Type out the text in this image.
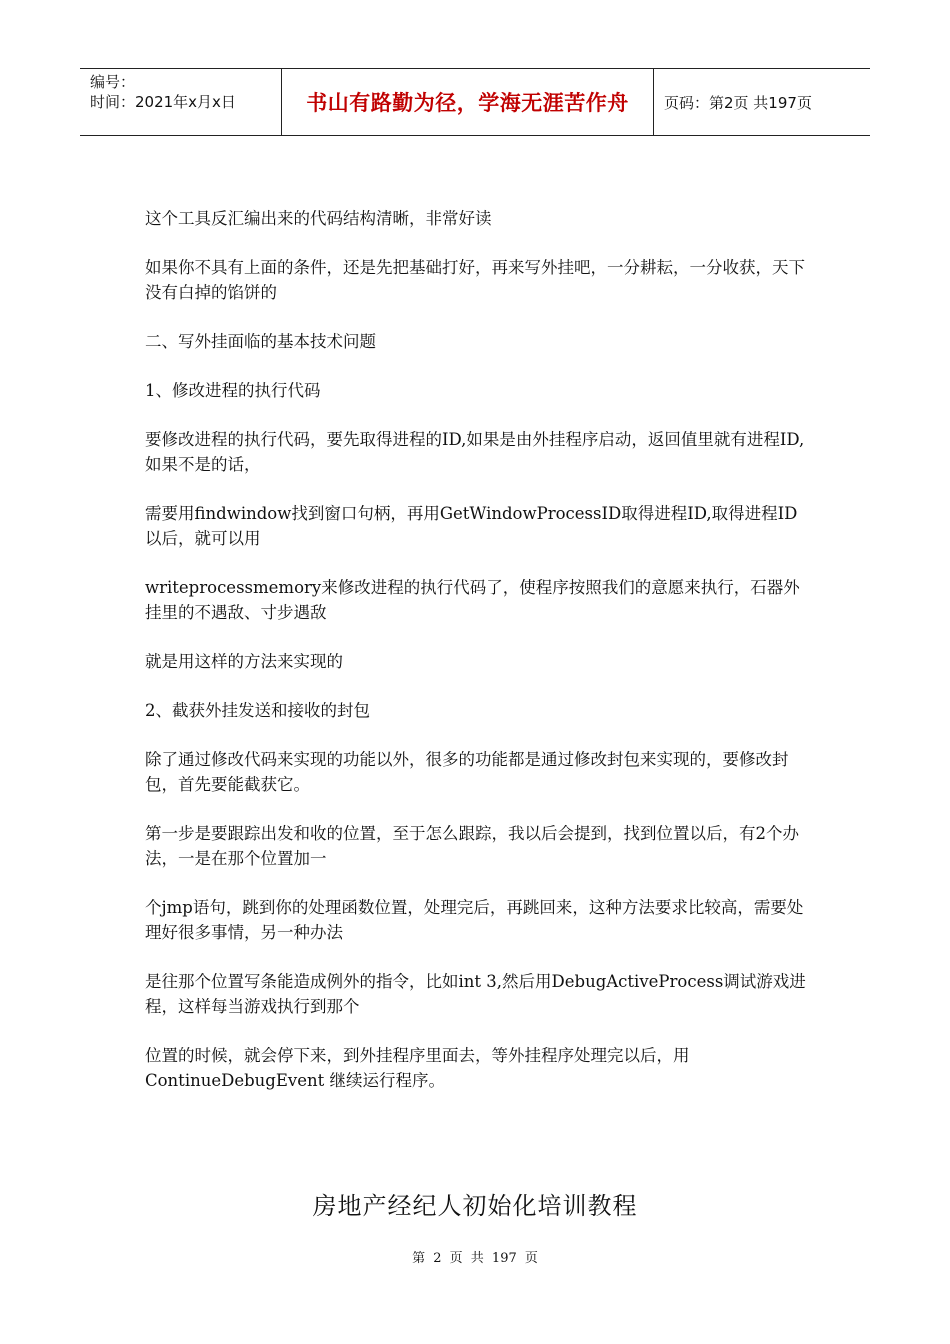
编号：
时间：2021年x月x日	书山有路勤为径，学海无涯苦作舟	页码：第2页 共197页

这个工具反汇编出来的代码结构清晰，非常好读

如果你不具有上面的条件，还是先把基础打好，再来写外挂吧，一分耕耘，一分收获，天下没有白掉的馅饼的

二、写外挂面临的基本技术问题

1、修改进程的执行代码

要修改进程的执行代码，要先取得进程的ID,如果是由外挂程序启动，返回值里就有进程ID,如果不是的话，

需要用findwindow找到窗口句柄，再用GetWindowProcessID取得进程ID,取得进程ID以后，就可以用

writeprocessmemory来修改进程的执行代码了，使程序按照我们的意愿来执行，石器外挂里的不遇敌、寸步遇敌

就是用这样的方法来实现的

2、截获外挂发送和接收的封包

除了通过修改代码来实现的功能以外，很多的功能都是通过修改封包来实现的，要修改封包，首先要能截获它。

第一步是要跟踪出发和收的位置，至于怎么跟踪，我以后会提到，找到位置以后，有2个办法，一是在那个位置加一

个jmp语句，跳到你的处理函数位置，处理完后，再跳回来，这种方法要求比较高，需要处理好很多事情，另一种办法

是往那个位置写条能造成例外的指令，比如int 3,然后用DebugActiveProcess调试游戏进程，这样每当游戏执行到那个

位置的时候，就会停下来，到外挂程序里面去，等外挂程序处理完以后，用ContinueDebugEvent 继续运行程序。

房地产经纪人初始化培训教程
第 2 页 共 197 页
